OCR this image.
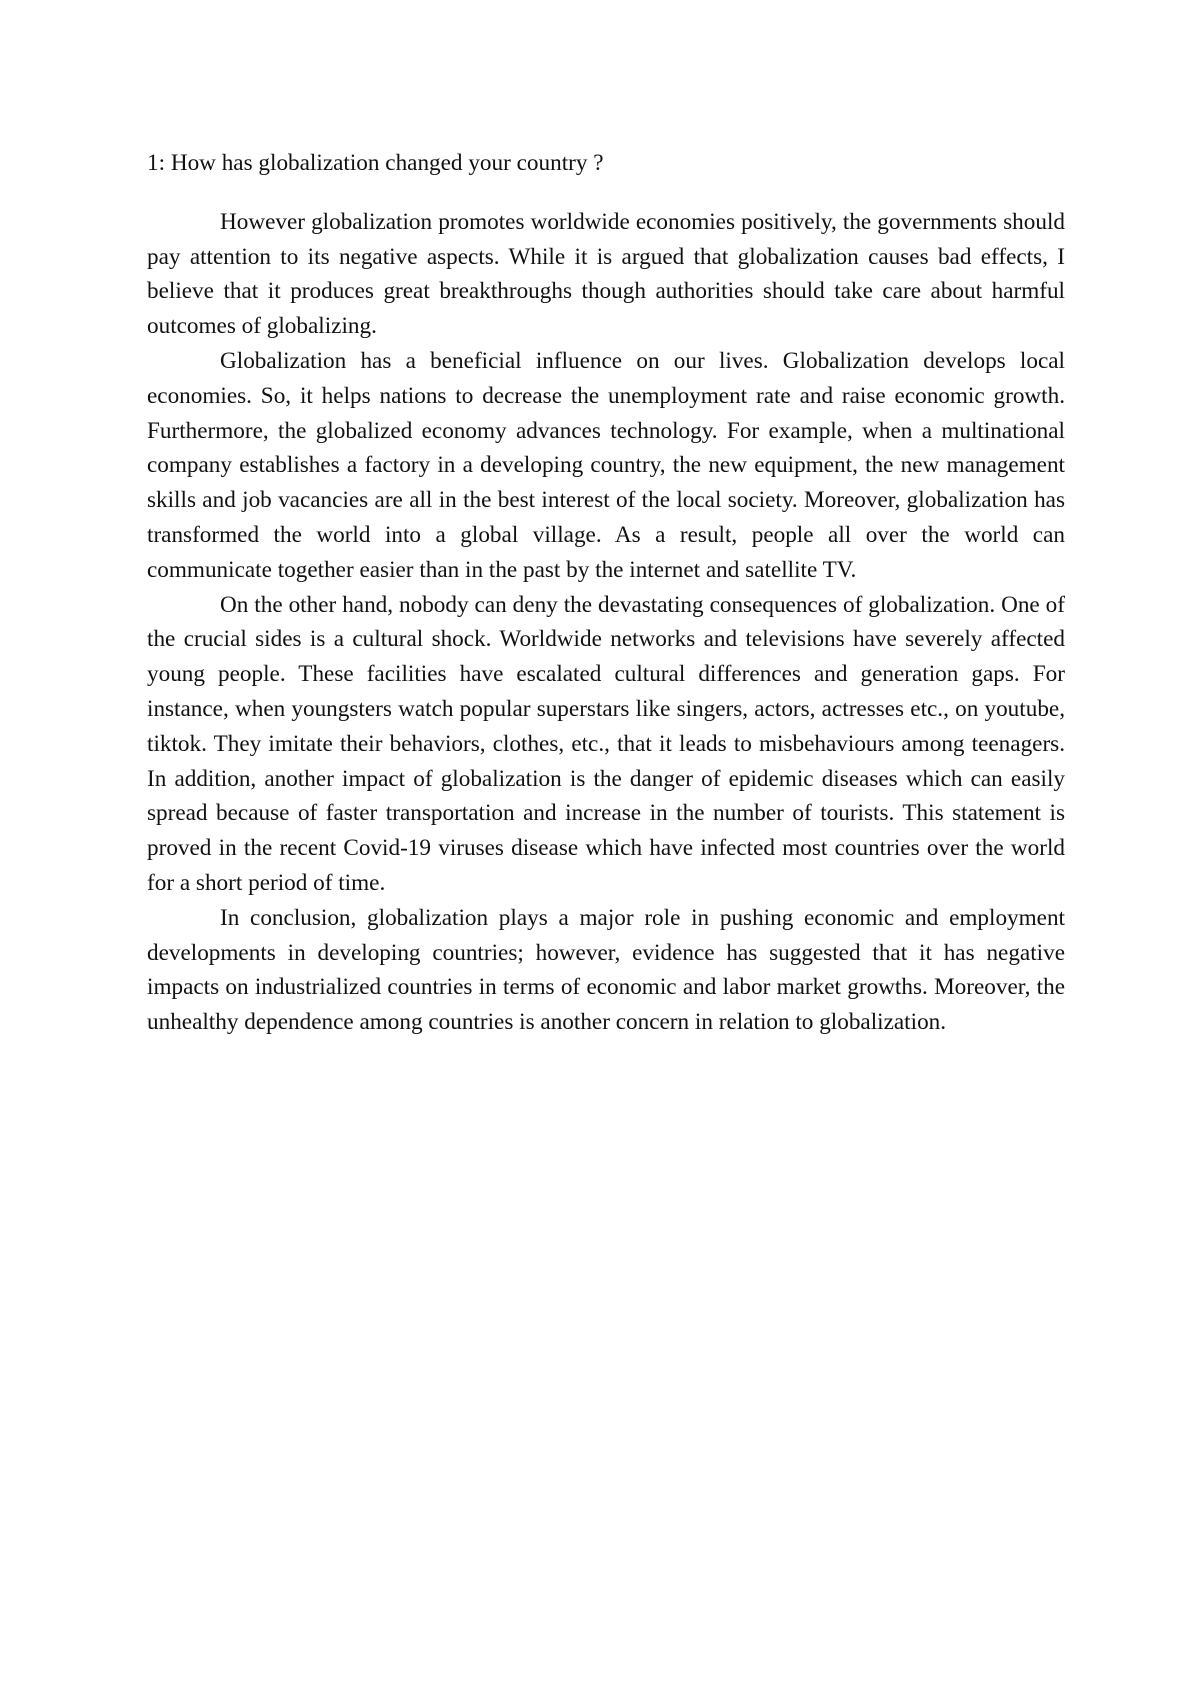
1: How has globalization changed your country ?

However globalization promotes worldwide economies positively, the governments should pay attention to its negative aspects. While it is argued that globalization causes bad effects, I believe that it produces great breakthroughs though authorities should take care about harmful outcomes of globalizing.

Globalization has a beneficial influence on our lives. Globalization develops local economies. So, it helps nations to decrease the unemployment rate and raise economic growth. Furthermore, the globalized economy advances technology. For example, when a multinational company establishes a factory in a developing country, the new equipment, the new management skills and job vacancies are all in the best interest of the local society. Moreover, globalization has transformed the world into a global village. As a result, people all over the world can communicate together easier than in the past by the internet and satellite TV.

On the other hand, nobody can deny the devastating consequences of globalization. One of the crucial sides is a cultural shock. Worldwide networks and televisions have severely affected young people. These facilities have escalated cultural differences and generation gaps. For instance, when youngsters watch popular superstars like singers, actors, actresses etc., on youtube, tiktok. They imitate their behaviors, clothes, etc., that it leads to misbehaviours among teenagers. In addition, another impact of globalization is the danger of epidemic diseases which can easily spread because of faster transportation and increase in the number of tourists. This statement is proved in the recent Covid-19 viruses disease which have infected most countries over the world for a short period of time.

In conclusion, globalization plays a major role in pushing economic and employment developments in developing countries; however, evidence has suggested that it has negative impacts on industrialized countries in terms of economic and labor market growths. Moreover, the unhealthy dependence among countries is another concern in relation to globalization.
